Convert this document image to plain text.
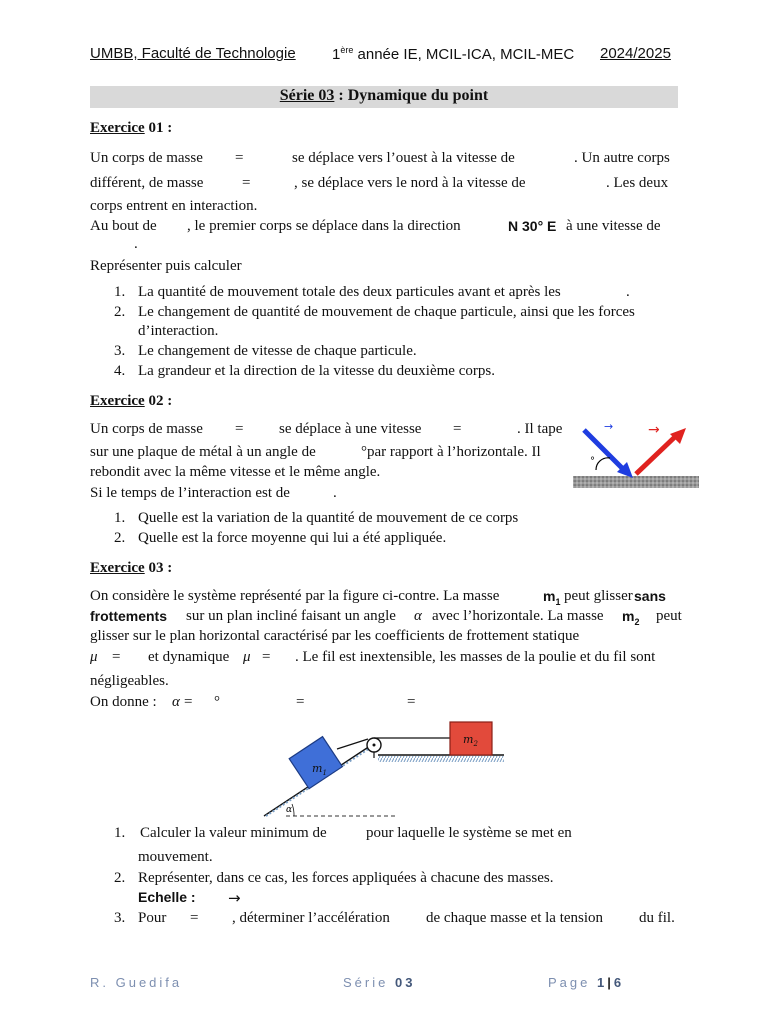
UMBB, Faculté de Technologie 1ère année IE, MCIL-ICA, MCIL-MEC 2024/2025
Série 03 : Dynamique du point
Exercice 01 :
Un corps de masse =	se déplace vers l’ouest à la vitesse de	. Un autre corps
différent, de masse	=	, se déplace vers le nord à la vitesse de	. Les deux
corps entrent en interaction.
Au bout de , le premier corps se déplace dans la direction	N 30° E à une vitesse de
.
Représenter puis calculer
1. La quantité de mouvement totale des deux particules avant et après les	.
2. Le changement de quantité de mouvement de chaque particule, ainsi que les forces
d’interaction.
3. Le changement de vitesse de chaque particule.
4. La grandeur et la direction de la vitesse du deuxième corps.
Exercice 02 :
Un corps de masse = se déplace à une vitesse =	. Il tape
sur une plaque de métal à un angle de	°par rapport à l’horizontale. Il
rebondit avec la même vitesse et le même angle.
Si le temps de l’interaction est de	.
1. Quelle est la variation de la quantité de mouvement de ce corps
2. Quelle est la force moyenne qui lui a été appliquée.
→ →
°
Exercice 03 :
On considère le système représenté par la figure ci-contre. La masse	$m_1$ peut glisser sans
frottements sur un plan incliné faisant un angle α avec l’horizontale. La masse $m_2$ peut
glisser sur le plan horizontal caractérisé par les coefficients de frottement statique
μ = et dynamique μ = . Le fil est inextensible, les masses de la poulie et du fil sont
négligeables.
On donne : α = °	=	=
α
$m_1$
$m_2$
1. Calculer la valeur minimum de	pour laquelle le système se met en
mouvement.
2. Représenter, dans ce cas, les forces appliquées à chacune des masses.
Echelle : →
3. Pour = , déterminer l’accélération de chaque masse et la tension du fil.
R. Guedifa	Série 03	Page 1|6
